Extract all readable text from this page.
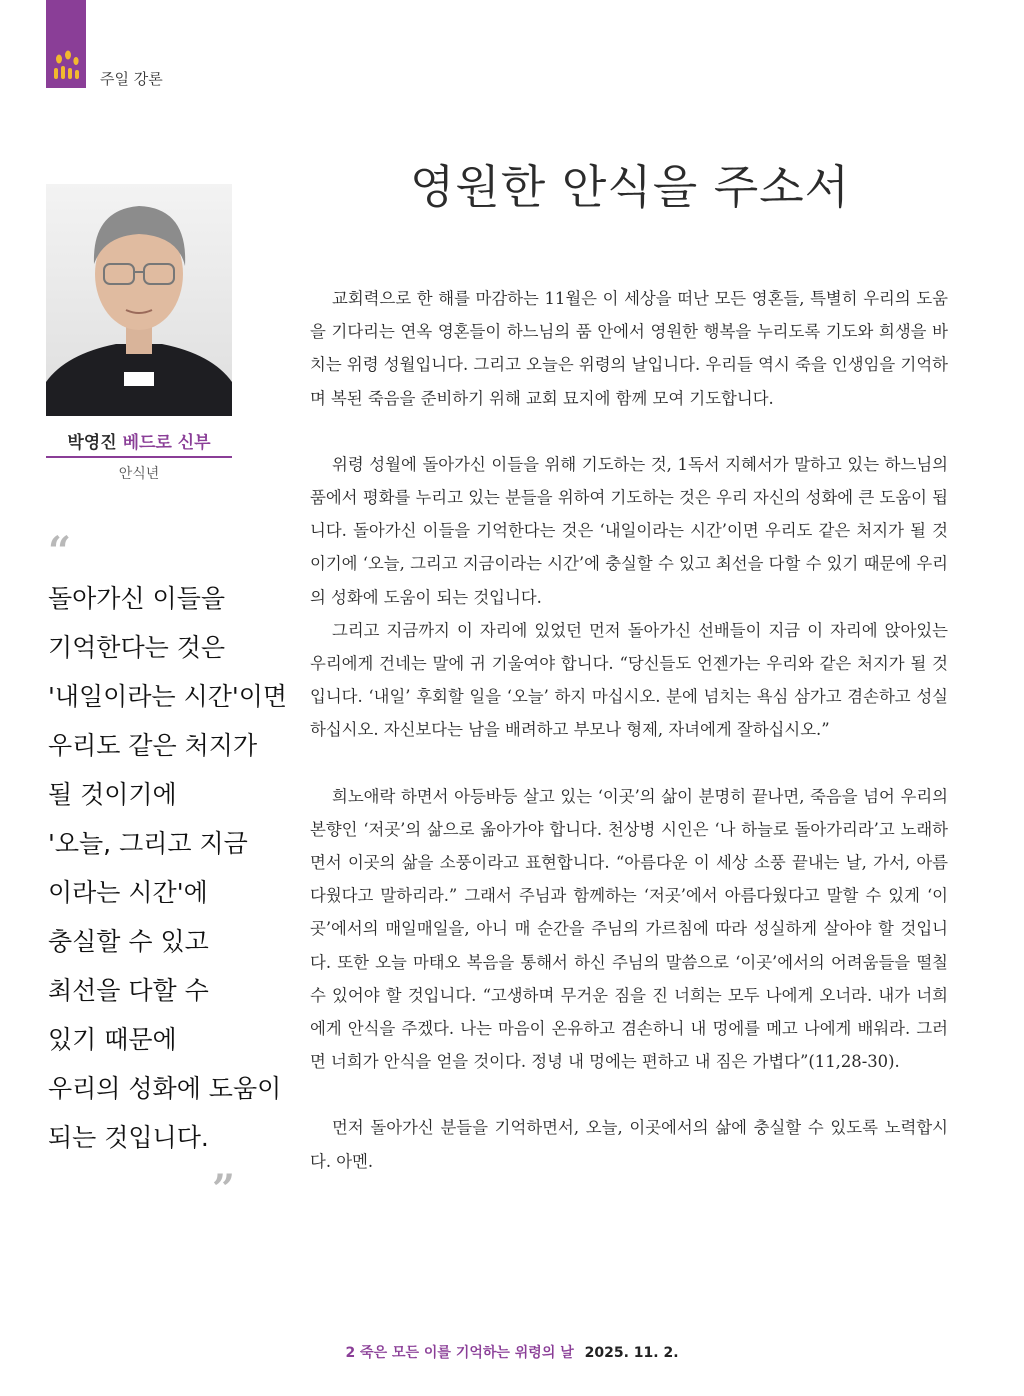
주일 강론
영원한 안식을 주소서
박영진 베드로 신부
안식년
“
돌아가신 이들을
기억한다는 것은
'내일이라는 시간'이면
우리도 같은 처지가
될 것이기에
'오늘, 그리고 지금
이라는 시간'에
충실할 수 있고
최선을 다할 수
있기 때문에
우리의 성화에 도움이
되는 것입니다.
”

교회력으로 한 해를 마감하는 11월은 이 세상을 떠난 모든 영혼들, 특별히 우리의 도움을 기다리는 연옥 영혼들이 하느님의 품 안에서 영원한 행복을 누리도록 기도와 희생을 바치는 위령 성월입니다. 그리고 오늘은 위령의 날입니다. 우리들 역시 죽을 인생임을 기억하며 복된 죽음을 준비하기 위해 교회 묘지에 함께 모여 기도합니다.

위령 성월에 돌아가신 이들을 위해 기도하는 것, 1독서 지혜서가 말하고 있는 하느님의 품에서 평화를 누리고 있는 분들을 위하여 기도하는 것은 우리 자신의 성화에 큰 도움이 됩니다. 돌아가신 이들을 기억한다는 것은 ‘내일이라는 시간’이면 우리도 같은 처지가 될 것이기에 ‘오늘, 그리고 지금이라는 시간’에 충실할 수 있고 최선을 다할 수 있기 때문에 우리의 성화에 도움이 되는 것입니다.

그리고 지금까지 이 자리에 있었던 먼저 돌아가신 선배들이 지금 이 자리에 앉아있는 우리에게 건네는 말에 귀 기울여야 합니다. “당신들도 언젠가는 우리와 같은 처지가 될 것입니다. ‘내일’ 후회할 일을 ‘오늘’ 하지 마십시오. 분에 넘치는 욕심 삼가고 겸손하고 성실하십시오. 자신보다는 남을 배려하고 부모나 형제, 자녀에게 잘하십시오.”

희노애락 하면서 아등바등 살고 있는 ‘이곳’의 삶이 분명히 끝나면, 죽음을 넘어 우리의 본향인 ‘저곳’의 삶으로 옮아가야 합니다. 천상병 시인은 ‘나 하늘로 돌아가리라’고 노래하면서 이곳의 삶을 소풍이라고 표현합니다. “아름다운 이 세상 소풍 끝내는 날, 가서, 아름다웠다고 말하리라.” 그래서 주님과 함께하는 ‘저곳’에서 아름다웠다고 말할 수 있게 ‘이곳’에서의 매일매일을, 아니 매 순간을 주님의 가르침에 따라 성실하게 살아야 할 것입니다. 또한 오늘 마태오 복음을 통해서 하신 주님의 말씀으로 ‘이곳’에서의 어려움들을 떨칠 수 있어야 할 것입니다. “고생하며 무거운 짐을 진 너희는 모두 나에게 오너라. 내가 너희에게 안식을 주겠다. 나는 마음이 온유하고 겸손하니 내 멍에를 메고 나에게 배워라. 그러면 너희가 안식을 얻을 것이다. 정녕 내 멍에는 편하고 내 짐은 가볍다”(11,28-30).

먼저 돌아가신 분들을 기억하면서, 오늘, 이곳에서의 삶에 충실할 수 있도록 노력합시다. 아멘.

2 죽은 모든 이를 기억하는 위령의 날 2025. 11. 2.
